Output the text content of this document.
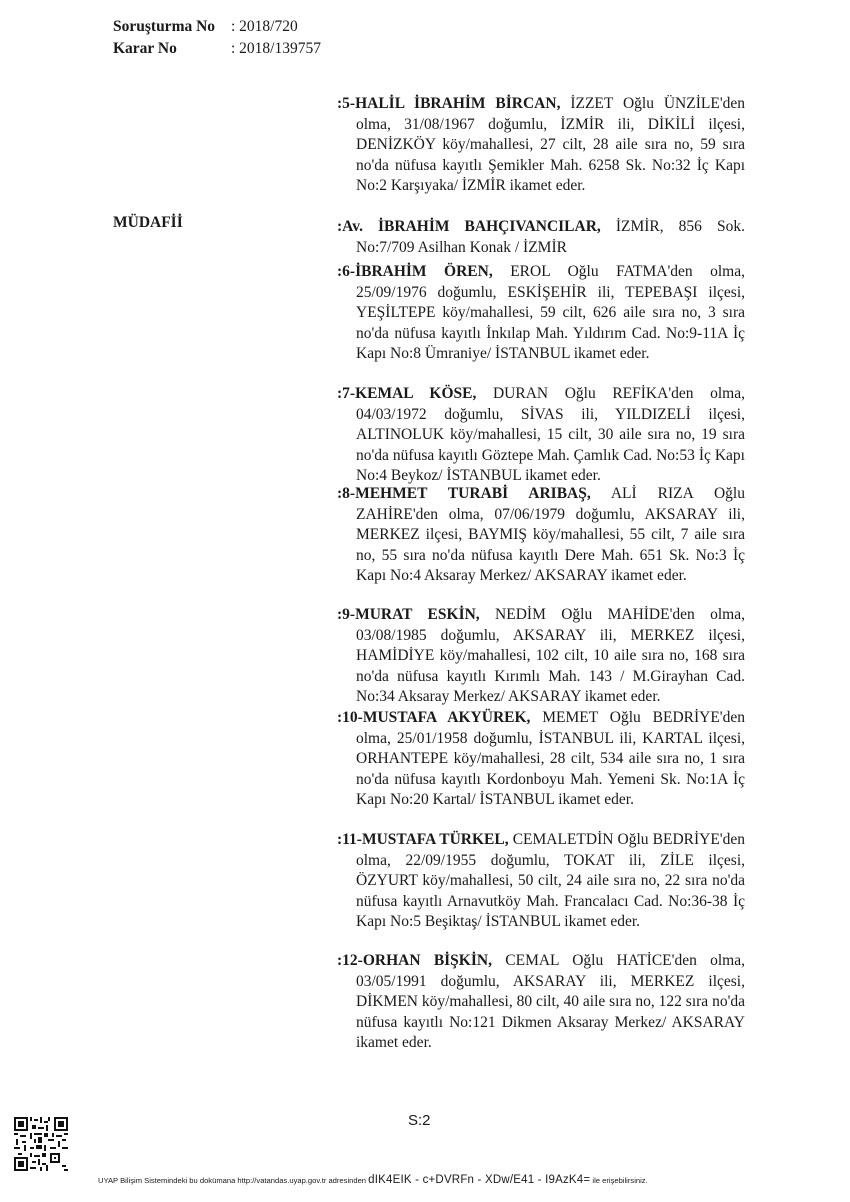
Soruşturma No : 2018/720
Karar No	: 2018/139757
MÜDAFİİ

:5-HALİL İBRAHİM BİRCAN, İZZET Oğlu ÜNZİLE'den olma, 31/08/1967 doğumlu, İZMİR ili, DİKİLİ ilçesi, DENİZKÖY köy/mahallesi, 27 cilt, 28 aile sıra no, 59 sıra no'da nüfusa kayıtlı Şemikler Mah. 6258 Sk. No:32 İç Kapı No:2 Karşıyaka/ İZMİR ikamet eder.

:Av. İBRAHİM BAHÇIVANCILAR, İZMİR, 856 Sok. No:7/709 Asilhan Konak / İZMİR

:6-İBRAHİM ÖREN, EROL Oğlu FATMA'den olma, 25/09/1976 doğumlu, ESKİŞEHİR ili, TEPEBAŞI ilçesi, YEŞİLTEPE köy/mahallesi, 59 cilt, 626 aile sıra no, 3 sıra no'da nüfusa kayıtlı İnkılap Mah. Yıldırım Cad. No:9-11A İç Kapı No:8 Ümraniye/ İSTANBUL ikamet eder.

:7-KEMAL KÖSE, DURAN Oğlu REFİKA'den olma, 04/03/1972 doğumlu, SİVAS ili, YILDIZELİ ilçesi, ALTINOLUK köy/mahallesi, 15 cilt, 30 aile sıra no, 19 sıra no'da nüfusa kayıtlı Göztepe Mah. Çamlık Cad. No:53 İç Kapı No:4 Beykoz/ İSTANBUL ikamet eder.

:8-MEHMET TURABİ ARIBAŞ, ALİ RIZA Oğlu ZAHİRE'den olma, 07/06/1979 doğumlu, AKSARAY ili, MERKEZ ilçesi, BAYMIŞ köy/mahallesi, 55 cilt, 7 aile sıra no, 55 sıra no'da nüfusa kayıtlı Dere Mah. 651 Sk. No:3 İç Kapı No:4 Aksaray Merkez/ AKSARAY ikamet eder.

:9-MURAT ESKİN, NEDİM Oğlu MAHİDE'den olma, 03/08/1985 doğumlu, AKSARAY ili, MERKEZ ilçesi, HAMİDİYE köy/mahallesi, 102 cilt, 10 aile sıra no, 168 sıra no'da nüfusa kayıtlı Kırımlı Mah. 143 / M.Girayhan Cad. No:34 Aksaray Merkez/ AKSARAY ikamet eder.

:10-MUSTAFA AKYÜREK, MEMET Oğlu BEDRİYE'den olma, 25/01/1958 doğumlu, İSTANBUL ili, KARTAL ilçesi, ORHANTEPE köy/mahallesi, 28 cilt, 534 aile sıra no, 1 sıra no'da nüfusa kayıtlı Kordonboyu Mah. Yemeni Sk. No:1A İç Kapı No:20 Kartal/ İSTANBUL ikamet eder.

:11-MUSTAFA TÜRKEL, CEMALETDİN Oğlu BEDRİYE'den olma, 22/09/1955 doğumlu, TOKAT ili, ZİLE ilçesi, ÖZYURT köy/mahallesi, 50 cilt, 24 aile sıra no, 22 sıra no'da nüfusa kayıtlı Arnavutköy Mah. Francalacı Cad. No:36-38 İç Kapı No:5 Beşiktaş/ İSTANBUL ikamet eder.

:12-ORHAN BİŞKİN, CEMAL Oğlu HATİCE'den olma, 03/05/1991 doğumlu, AKSARAY ili, MERKEZ ilçesi, DİKMEN köy/mahallesi, 80 cilt, 40 aile sıra no, 122 sıra no'da nüfusa kayıtlı No:121 Dikmen Aksaray Merkez/ AKSARAY ikamet eder.

S:2
UYAP Bilişim Sistemindeki bu dokümana http://vatandas.uyap.gov.tr adresinden dIK4EIK - c+DVRFn - XDw/E41 - I9AzK4= ile erişebilirsiniz.
